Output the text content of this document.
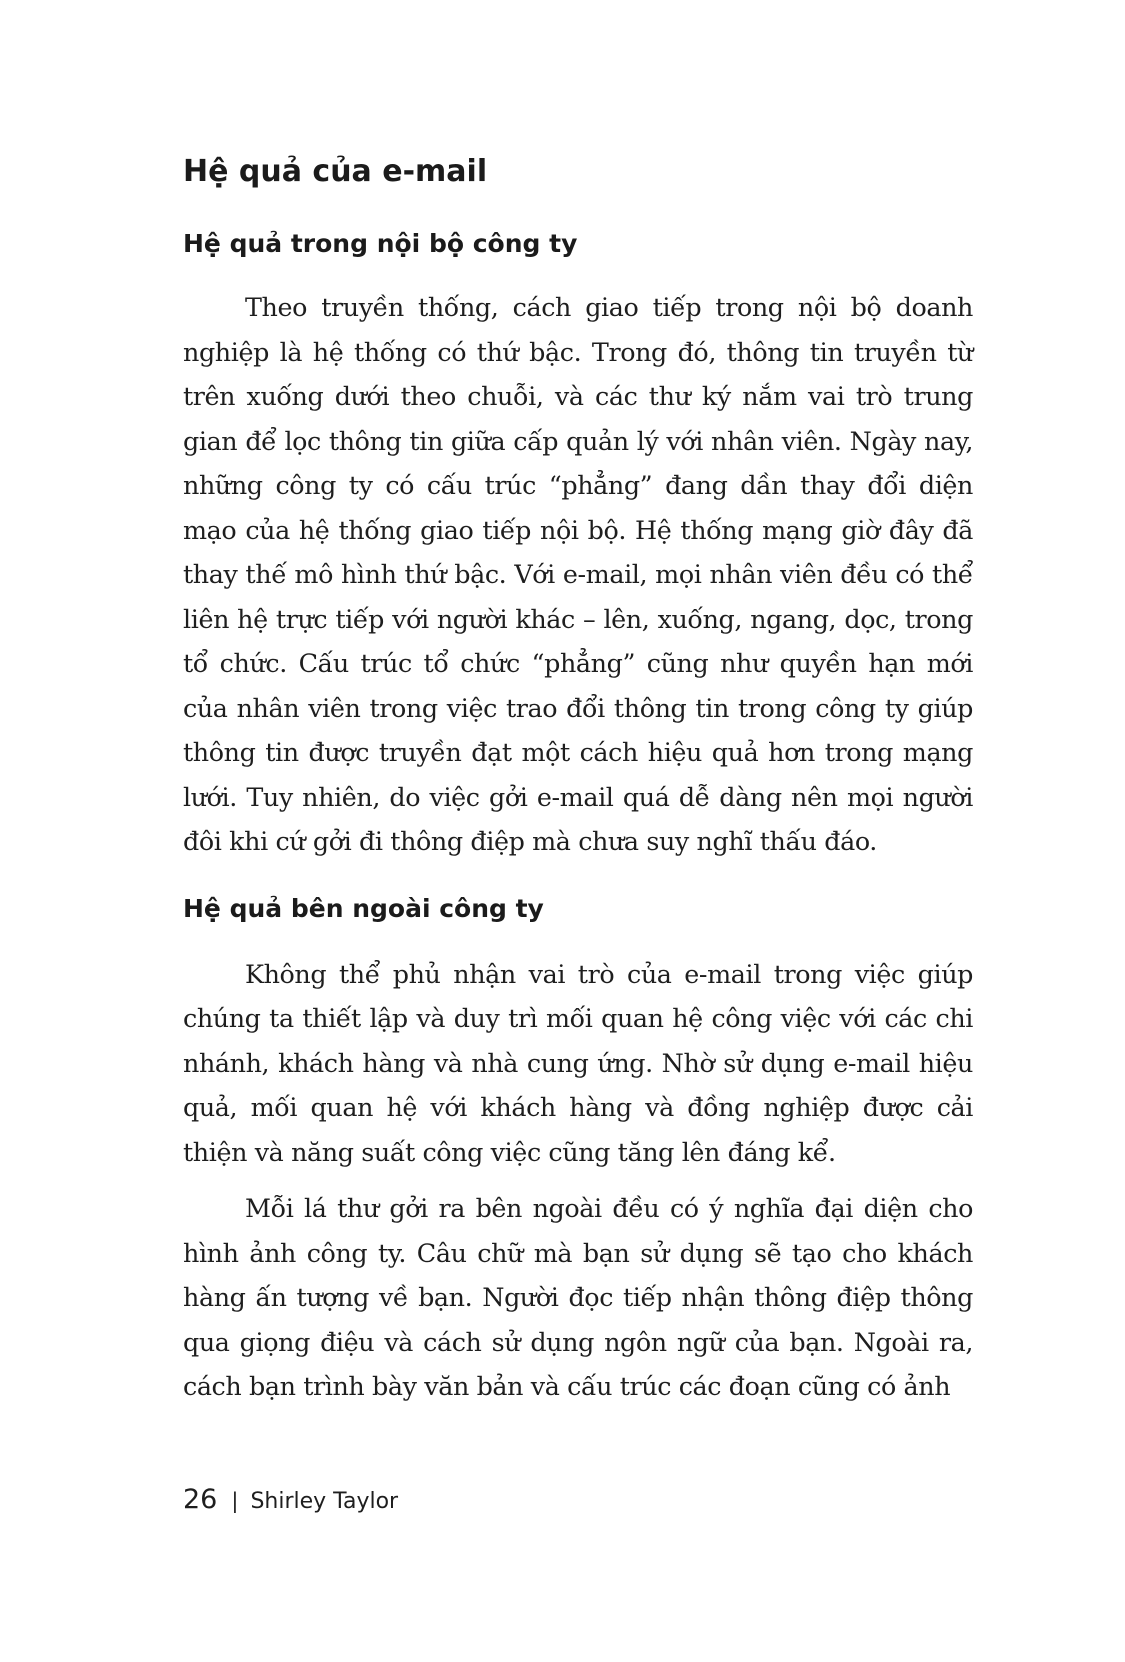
Hệ quả của e-mail
Hệ quả trong nội bộ công ty

Theo truyền thống, cách giao tiếp trong nội bộ doanh nghiệp là hệ thống có thứ bậc. Trong đó, thông tin truyền từ trên xuống dưới theo chuỗi, và các thư ký nắm vai trò trung gian để lọc thông tin giữa cấp quản lý với nhân viên. Ngày nay, những công ty có cấu trúc “phẳng” đang dần thay đổi diện mạo của hệ thống giao tiếp nội bộ. Hệ thống mạng giờ đây đã thay thế mô hình thứ bậc. Với e-mail, mọi nhân viên đều có thể liên hệ trực tiếp với người khác – lên, xuống, ngang, dọc, trong tổ chức. Cấu trúc tổ chức “phẳng” cũng như quyền hạn mới của nhân viên trong việc trao đổi thông tin trong công ty giúp thông tin được truyền đạt một cách hiệu quả hơn trong mạng lưới. Tuy nhiên, do việc gởi e-mail quá dễ dàng nên mọi người đôi khi cứ gởi đi thông điệp mà chưa suy nghĩ thấu đáo.

Hệ quả bên ngoài công ty

Không thể phủ nhận vai trò của e-mail trong việc giúp chúng ta thiết lập và duy trì mối quan hệ công việc với các chi nhánh, khách hàng và nhà cung ứng. Nhờ sử dụng e-mail hiệu quả, mối quan hệ với khách hàng và đồng nghiệp được cải thiện và năng suất công việc cũng tăng lên đáng kể.

Mỗi lá thư gởi ra bên ngoài đều có ý nghĩa đại diện cho hình ảnh công ty. Câu chữ mà bạn sử dụng sẽ tạo cho khách hàng ấn tượng về bạn. Người đọc tiếp nhận thông điệp thông qua giọng điệu và cách sử dụng ngôn ngữ của bạn. Ngoài ra, cách bạn trình bày văn bản và cấu trúc các đoạn cũng có ảnh

26 | Shirley Taylor
